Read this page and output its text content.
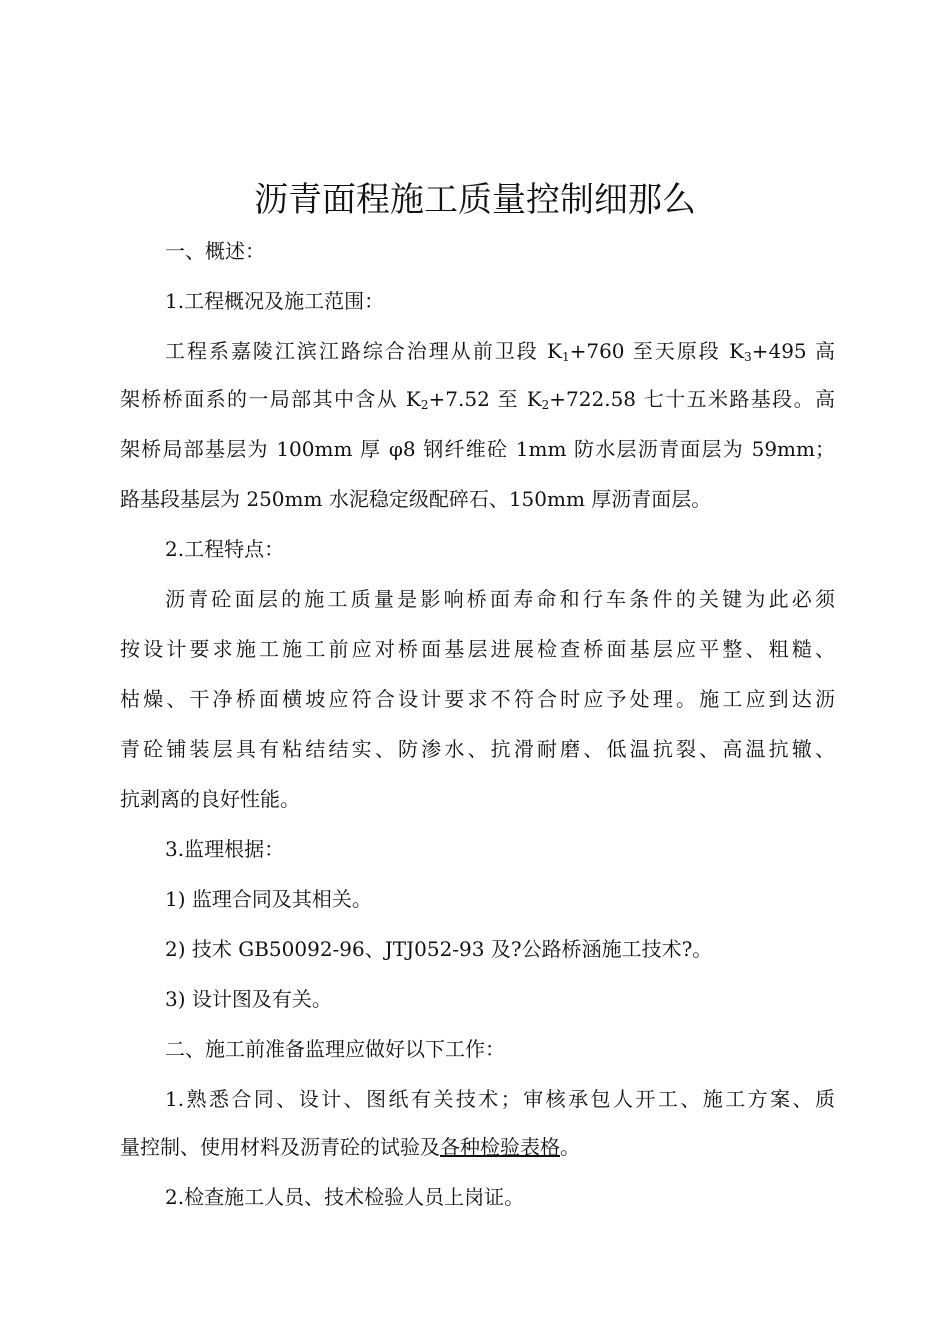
沥青面程施工质量控制细那么
一、概述：
1.工程概况及施工范围：
工程系嘉陵江滨江路综合治理从前卫段 $K_1+760$ 至天原段 $K_3+495$ 高
架桥桥面系的一局部其中含从 $K_2+7.52$ 至 $K_2+722.58$ 七十五米路基段。高
架桥局部基层为 100mm 厚 φ8 钢纤维砼 1mm 防水层沥青面层为 59mm；
路基段基层为 250mm 水泥稳定级配碎石、150mm 厚沥青面层。
2.工程特点：
沥青砼面层的施工质量是影响桥面寿命和行车条件的关键为此必须
按设计要求施工施工前应对桥面基层进展检查桥面基层应平整、粗糙、
枯燥、干净桥面横坡应符合设计要求不符合时应予处理。施工应到达沥
青砼铺装层具有粘结结实、防渗水、抗滑耐磨、低温抗裂、高温抗辙、
抗剥离的良好性能。
3.监理根据：
1) 监理合同及其相关。
2) 技术 GB50092-96、JTJ052-93 及?公路桥涵施工技术?。
3) 设计图及有关。
二、施工前准备监理应做好以下工作：
1.熟悉合同、设计、图纸有关技术；审核承包人开工、施工方案、质
量控制、使用材料及沥青砼的试验及各种检验表格。
2.检查施工人员、技术检验人员上岗证。
